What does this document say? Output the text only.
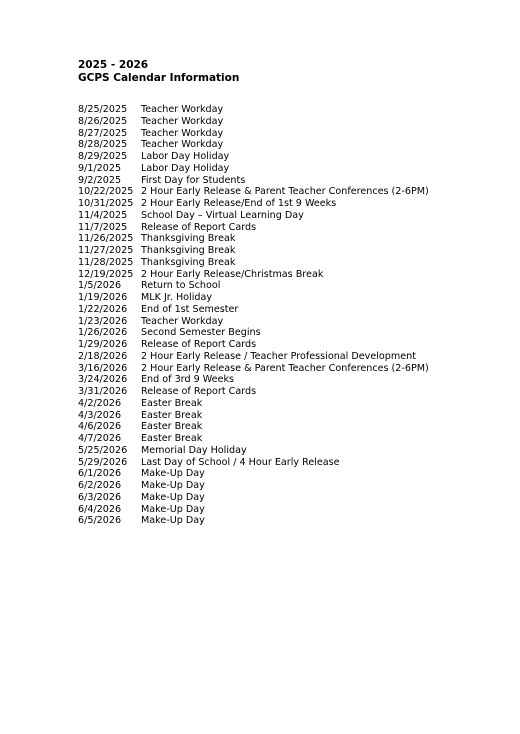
2025 - 2026
GCPS Calendar Information
8/25/2025 Teacher Workday
8/26/2025 Teacher Workday
8/27/2025 Teacher Workday
8/28/2025 Teacher Workday
8/29/2025 Labor Day Holiday
9/1/2025 Labor Day Holiday
9/2/2025 First Day for Students
10/22/2025 2 Hour Early Release & Parent Teacher Conferences (2-6PM)
10/31/2025 2 Hour Early Release/End of 1st 9 Weeks
11/4/2025 School Day – Virtual Learning Day
11/7/2025 Release of Report Cards
11/26/2025 Thanksgiving Break
11/27/2025 Thanksgiving Break
11/28/2025 Thanksgiving Break
12/19/2025 2 Hour Early Release/Christmas Break
1/5/2026 Return to School
1/19/2026 MLK Jr. Holiday
1/22/2026 End of 1st Semester
1/23/2026 Teacher Workday
1/26/2026 Second Semester Begins
1/29/2026 Release of Report Cards
2/18/2026 2 Hour Early Release / Teacher Professional Development
3/16/2026 2 Hour Early Release & Parent Teacher Conferences (2-6PM)
3/24/2026 End of 3rd 9 Weeks
3/31/2026 Release of Report Cards
4/2/2026 Easter Break
4/3/2026 Easter Break
4/6/2026 Easter Break
4/7/2026 Easter Break
5/25/2026 Memorial Day Holiday
5/29/2026 Last Day of School / 4 Hour Early Release
6/1/2026 Make-Up Day
6/2/2026 Make-Up Day
6/3/2026 Make-Up Day
6/4/2026 Make-Up Day
6/5/2026 Make-Up Day
